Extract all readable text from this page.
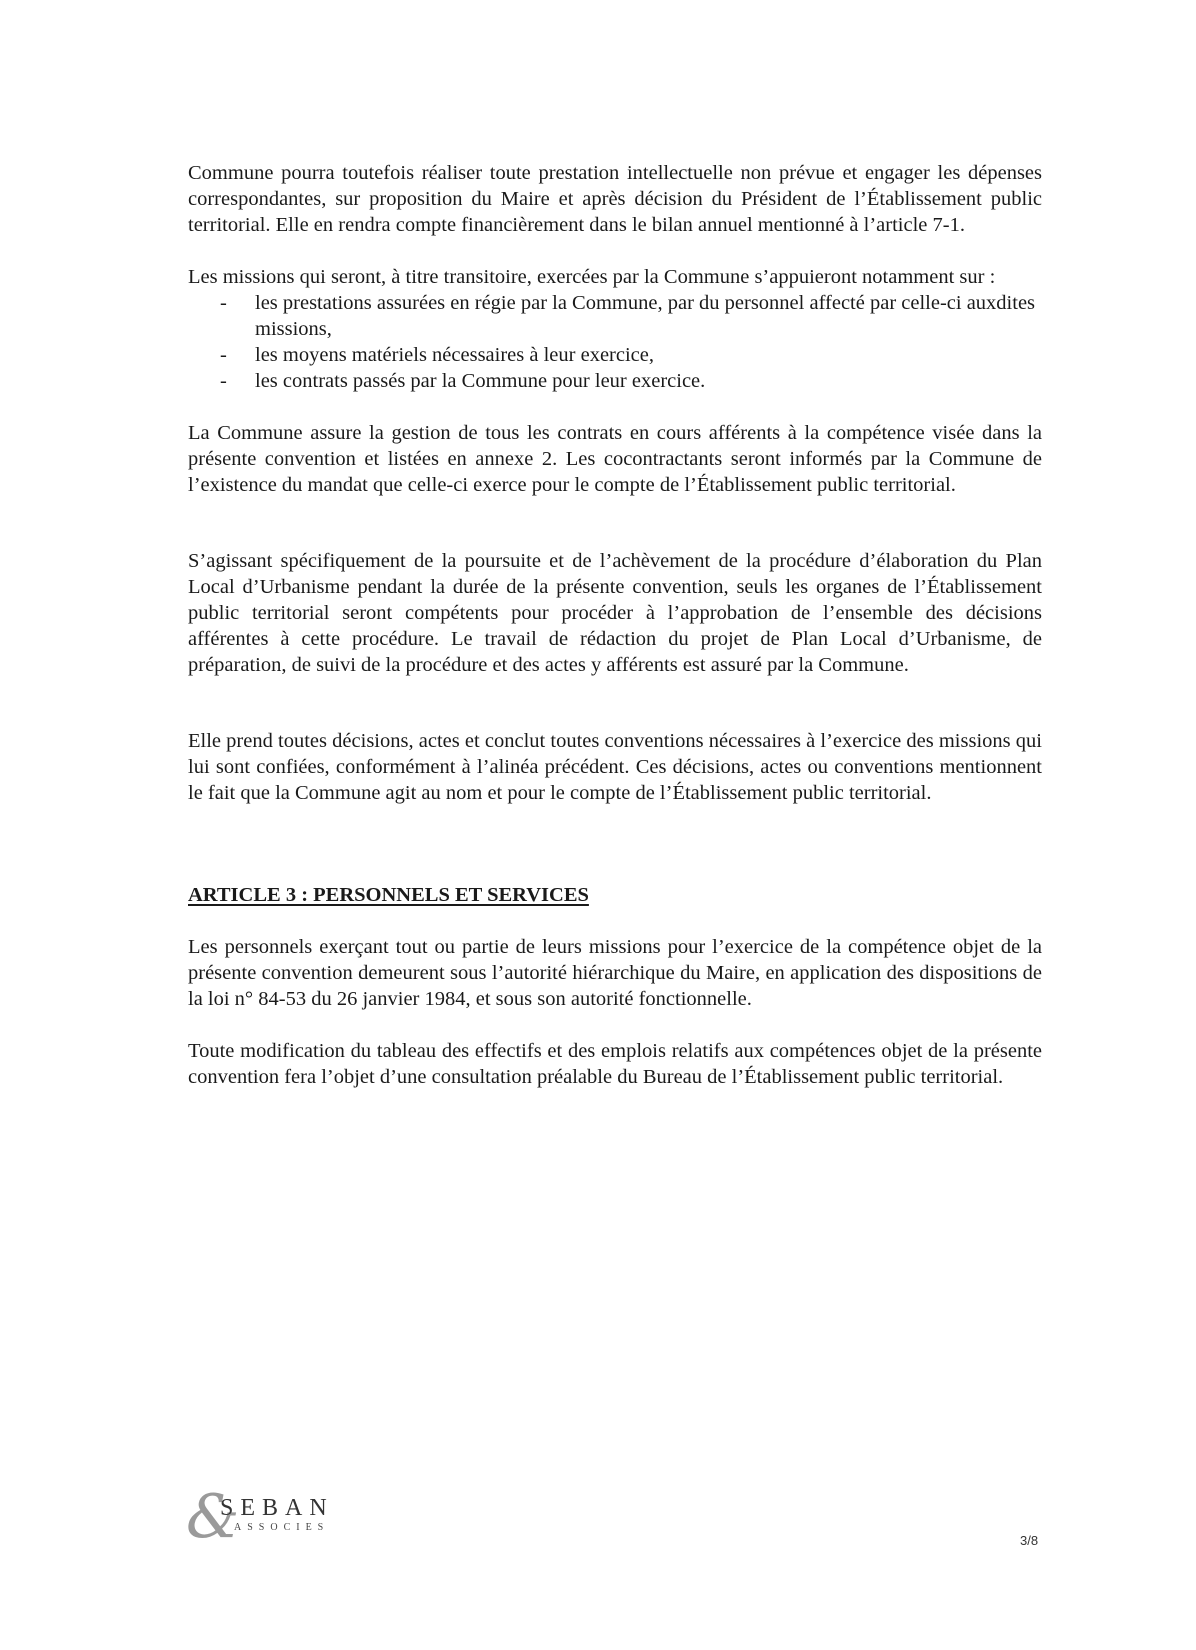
Commune pourra toutefois réaliser toute prestation intellectuelle non prévue et engager les dépenses correspondantes, sur proposition du Maire et après décision du Président de l’Établissement public territorial. Elle en rendra compte financièrement dans le bilan annuel mentionné à l’article 7-1.

Les missions qui seront, à titre transitoire, exercées par la Commune s’appuieront notamment sur :

- les prestations assurées en régie par la Commune, par du personnel affecté par celle-ci auxdites missions,
- les moyens matériels nécessaires à leur exercice,
- les contrats passés par la Commune pour leur exercice.

La Commune assure la gestion de tous les contrats en cours afférents à la compétence visée dans la présente convention et listées en annexe 2. Les cocontractants seront informés par la Commune de l’existence du mandat que celle-ci exerce pour le compte de l’Établissement public territorial.

S’agissant spécifiquement de la poursuite et de l’achèvement de la procédure d’élaboration du Plan Local d’Urbanisme pendant la durée de la présente convention, seuls les organes de l’Établissement public territorial seront compétents pour procéder à l’approbation de l’ensemble des décisions afférentes à cette procédure. Le travail de rédaction du projet de Plan Local d’Urbanisme, de préparation, de suivi de la procédure et des actes y afférents est assuré par la Commune.

Elle prend toutes décisions, actes et conclut toutes conventions nécessaires à l’exercice des missions qui lui sont confiées, conformément à l’alinéa précédent. Ces décisions, actes ou conventions mentionnent le fait que la Commune agit au nom et pour le compte de l’Établissement public territorial.

ARTICLE 3 : PERSONNELS ET SERVICES

Les personnels exerçant tout ou partie de leurs missions pour l’exercice de la compétence objet de la présente convention demeurent sous l’autorité hiérarchique du Maire, en application des dispositions de la loi n° 84-53 du 26 janvier 1984, et sous son autorité fonctionnelle.

Toute modification du tableau des effectifs et des emplois relatifs aux compétences objet de la présente convention fera l’objet d’une consultation préalable du Bureau de l’Établissement public territorial.

&
SEBAN
ASSOCIES
3/8
